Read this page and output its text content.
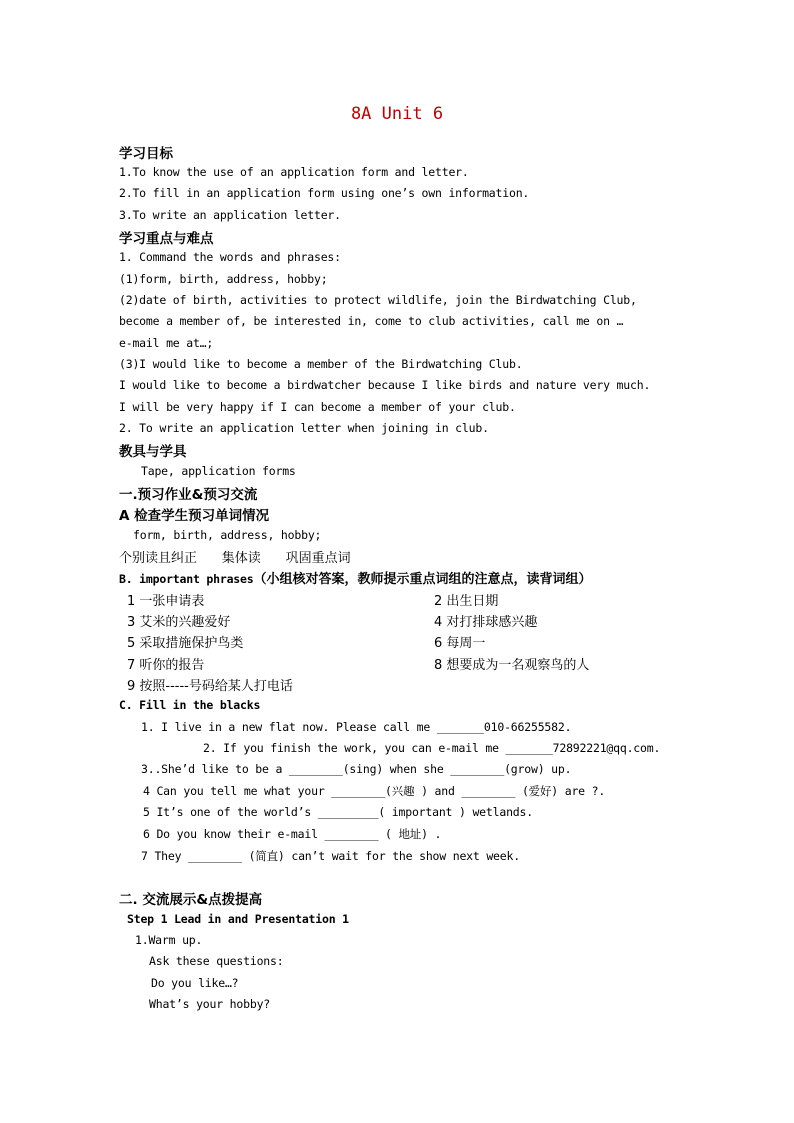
8A Unit 6
学习目标
1.To know the use of an application form and letter.
2.To fill in an application form using one’s own information.
3.To write an application letter.
学习重点与难点
1. Command the words and phrases:
(1)form, birth, address, hobby;
(2)date of birth, activities to protect wildlife, join the Birdwatching Club,
become a member of, be interested in, come to club activities, call me on …
e-mail me at…;
(3)I would like to become a member of the Birdwatching Club.
I would like to become a birdwatcher because I like birds and nature very much.
I will be very happy if I can become a member of your club.
2. To write an application letter when joining in club.
教具与学具
Tape, application forms
一.预习作业&预习交流
A 检查学生预习单词情况
form, birth, address, hobby;
个别读且纠正      集体读      巩固重点词
B. important phrases（小组核对答案，教师提示重点词组的注意点，读背词组）
1 一张申请表	2 出生日期
3 艾米的兴趣爱好	4 对打排球感兴趣
5 采取措施保护鸟类	6 每周一
7 听你的报告	8 想要成为一名观察鸟的人
9 按照-----号码给某人打电话
C. Fill in the blacks
1. I live in a new flat now. Please call me _______010-66255582.
2. If you finish the work, you can e-mail me _______72892221@qq.com.
3..She’d like to be a ________(sing) when she ________(grow) up.
4 Can you tell me what your ________(兴趣 ) and ________ (爱好) are ?.
5 It’s one of the world’s _________( important ) wetlands.
6 Do you know their e-mail ________ ( 地址) .
7 They ________ (简直) can’t wait for the show next week.
二. 交流展示&点拨提高
Step 1 Lead in and Presentation 1
1.Warm up.
Ask these questions:
Do you like…?
What’s your hobby?
